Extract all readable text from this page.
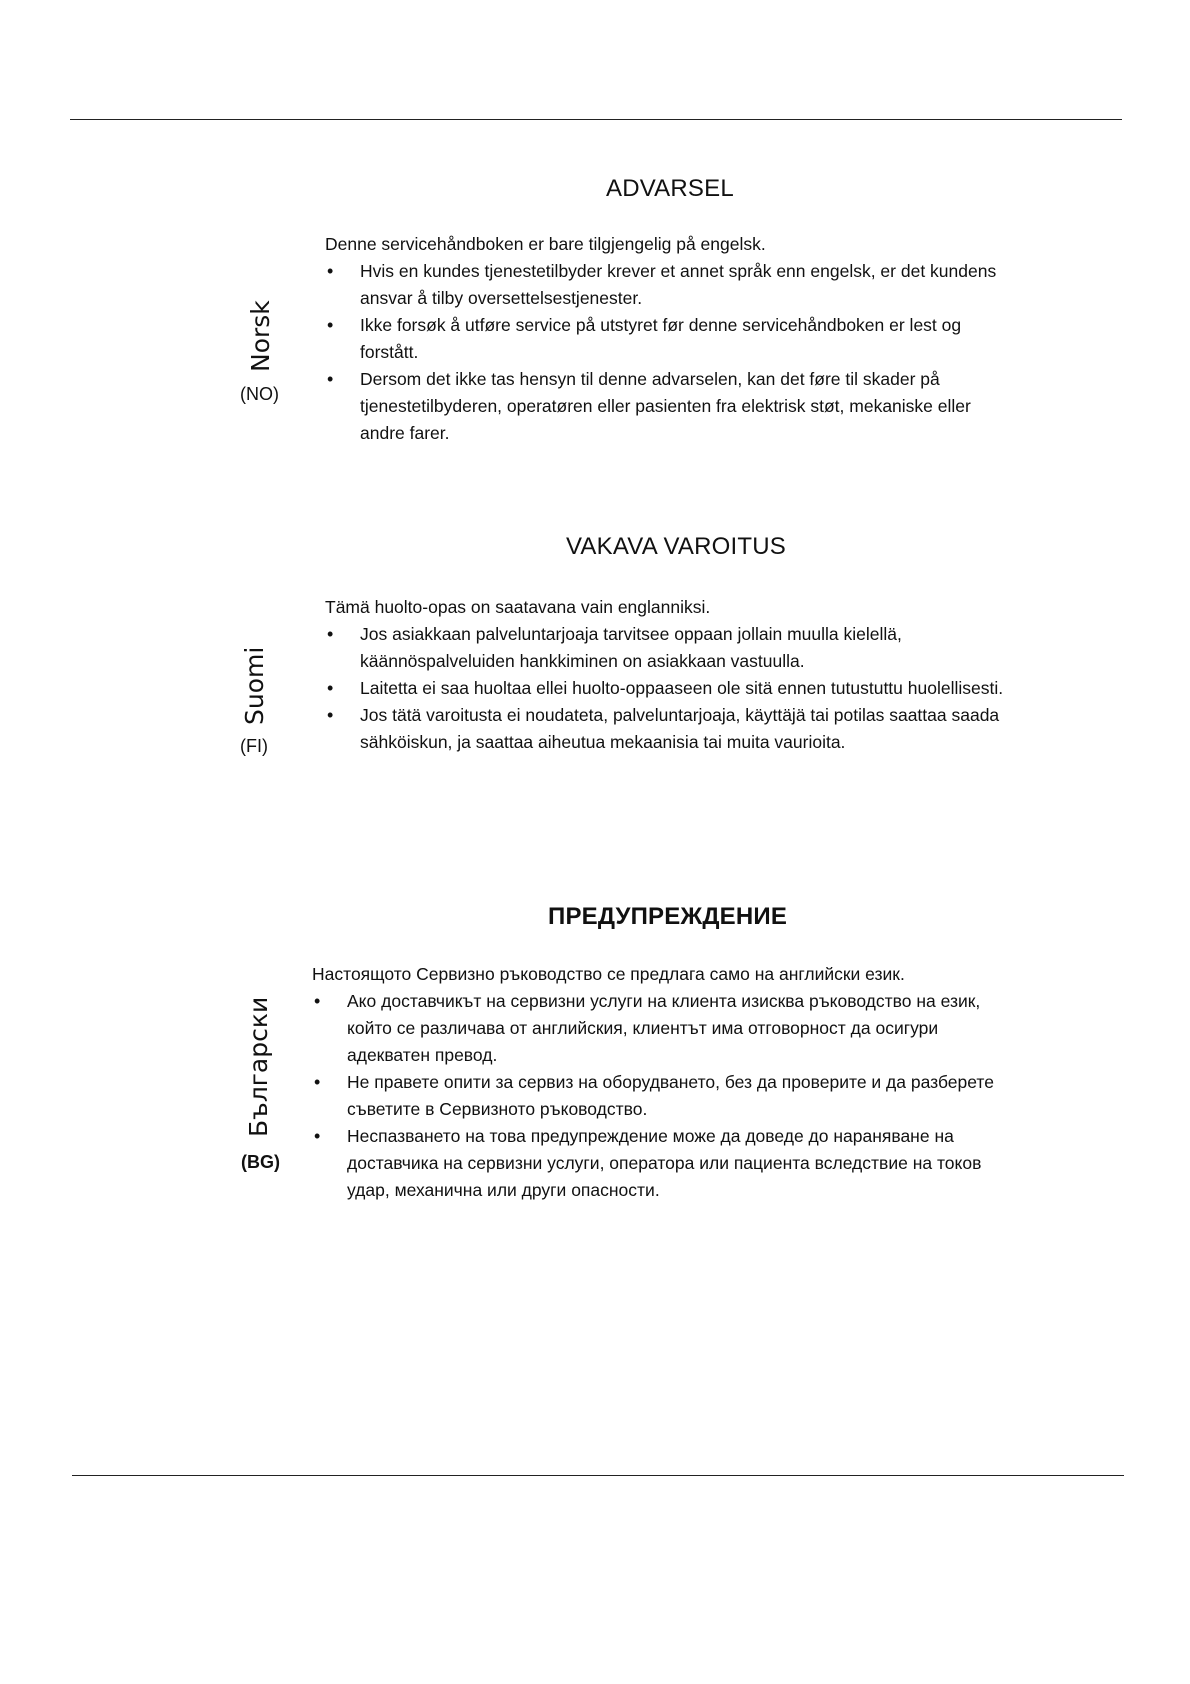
ADVARSEL
Norsk
(NO)

Denne servicehåndboken er bare tilgjengelig på engelsk.

• Hvis en kundes tjenestetilbyder krever et annet språk enn engelsk, er det kundens ansvar å tilby oversettelsestjenester.
• Ikke forsøk å utføre service på utstyret før denne servicehåndboken er lest og forstått.
• Dersom det ikke tas hensyn til denne advarselen, kan det føre til skader på tjenestetilbyderen, operatøren eller pasienten fra elektrisk støt, mekaniske eller andre farer.
VAKAVA VAROITUS
Suomi
(FI)

Tämä huolto-opas on saatavana vain englanniksi.

• Jos asiakkaan palveluntarjoaja tarvitsee oppaan jollain muulla kielellä, käännöspalveluiden hankkiminen on asiakkaan vastuulla.
• Laitetta ei saa huoltaa ellei huolto-oppaaseen ole sitä ennen tutustuttu huolellisesti.
• Jos tätä varoitusta ei noudateta, palveluntarjoaja, käyttäjä tai potilas saattaa saada sähköiskun, ja saattaa aiheutua mekaanisia tai muita vaurioita.
ПРЕДУПРЕЖДЕНИЕ
Български
(BG)

Настоящото Сервизно ръководство се предлага само на английски език.

• Ако доставчикът на сервизни услуги на клиента изисква ръководство на език, който се различава от английския, клиентът има отговорност да осигури адекватен превод.
• Не правете опити за сервиз на оборудването, без да проверите и да разберете съветите в Сервизното ръководство.
• Неспазването на това предупреждение може да доведе до нараняване на доставчика на сервизни услуги, оператора или пациента вследствие на токов удар, механична или други опасности.
